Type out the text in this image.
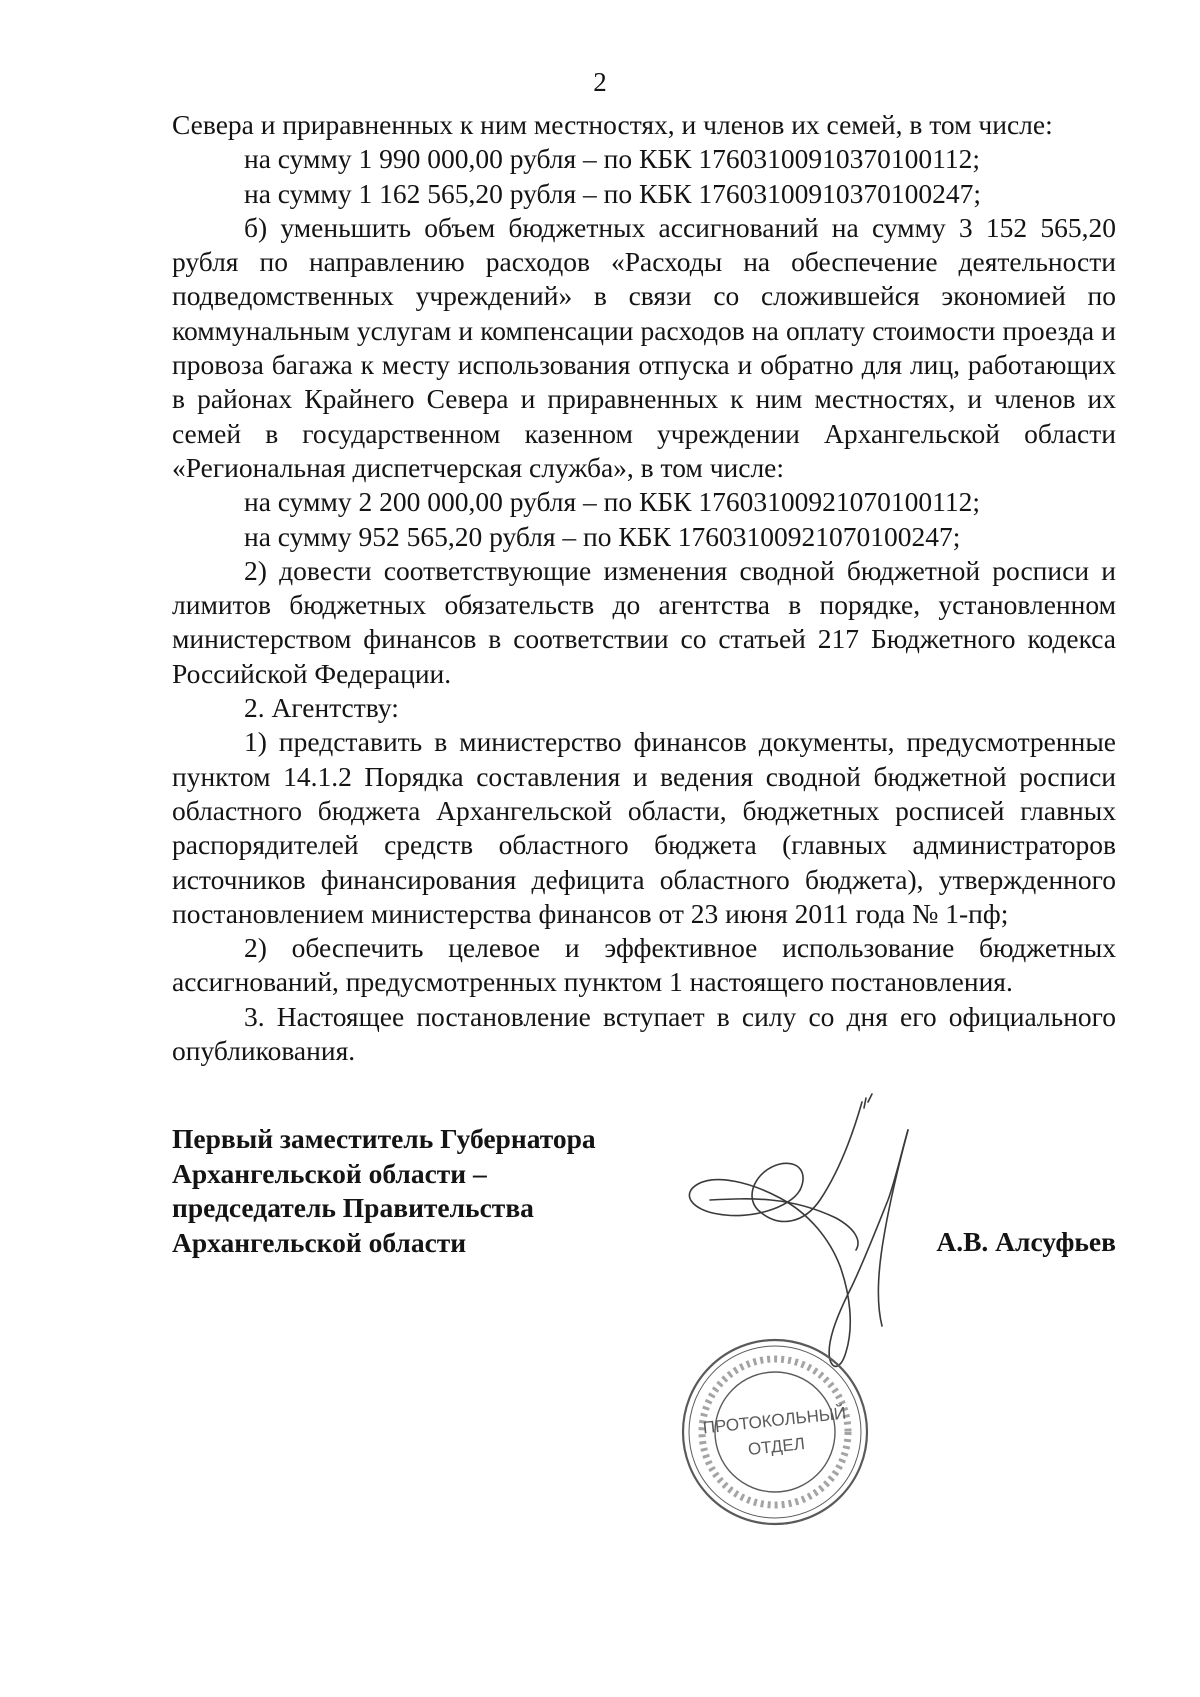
2

Севера и приравненных к ним местностях, и членов их семей, в том числе:

на сумму 1 990 000,00 рубля – по КБК 17603100910370100112;

на сумму 1 162 565,20 рубля – по КБК 17603100910370100247;

б) уменьшить объем бюджетных ассигнований на сумму 3 152 565,20 рубля по направлению расходов «Расходы на обеспечение деятельности подведомственных учреждений» в связи со сложившейся экономией по коммунальным услугам и компенсации расходов на оплату стоимости проезда и провоза багажа к месту использования отпуска и обратно для лиц, работающих в районах Крайнего Севера и приравненных к ним местностях, и членов их семей в государственном казенном учреждении Архангельской области «Региональная диспетчерская служба», в том числе:

на сумму 2 200 000,00 рубля – по КБК 17603100921070100112;

на сумму 952 565,20 рубля – по КБК 17603100921070100247;

2) довести соответствующие изменения сводной бюджетной росписи и лимитов бюджетных обязательств до агентства в порядке, установленном министерством финансов в соответствии со статьей 217 Бюджетного кодекса Российской Федерации.

2. Агентству:

1) представить в министерство финансов документы, предусмотренные пунктом 14.1.2 Порядка составления и ведения сводной бюджетной росписи областного бюджета Архангельской области, бюджетных росписей главных распорядителей средств областного бюджета (главных администраторов источников финансирования дефицита областного бюджета), утвержденного постановлением министерства финансов от 23 июня 2011 года № 1-пф;

2) обеспечить целевое и эффективное использование бюджетных ассигнований, предусмотренных пунктом 1 настоящего постановления.

3. Настоящее постановление вступает в силу со дня его официального опубликования.

ПРОТОКОЛЬНЫЙ
ОТДЕЛ
Первый заместитель Губернатора
Архангельской области –
председатель Правительства
Архангельской области	А.В. Алсуфьев
